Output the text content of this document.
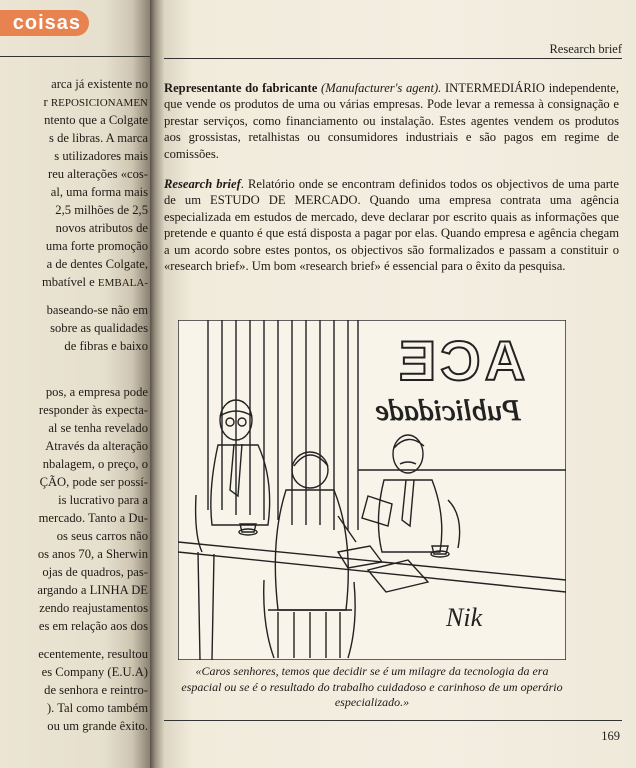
coisas
arca já existente no
r REPOSICIONAMEN
ntento que a Colgate
s de libras. A marca
s utilizadores mais
reu alterações «cos-
al, uma forma mais
2,5 milhões de 2,5
novos atributos de
uma forte promoção
a de dentes Colgate,
mbatível e EMBALA-
baseando-se não em
sobre as qualidades
de fibras e baixo
pos, a empresa pode
responder às expecta-
al se tenha revelado
Através da alteração
nbalagem, o preço, o
ÇÃO, pode ser possí-
is lucrativo para a
mercado. Tanto a Du-
os seus carros não
os anos 70, a Sherwin
ojas de quadros, pas-
argando a LINHA DE
zendo reajustamentos
es em relação aos dos
ecentemente, resultou
es Company (E.U.A)
de senhora e reintro-
). Tal como também
ou um grande êxito.
Research brief

Representante do fabricante (Manufacturer's agent). INTERMEDIÁRIO independente, que vende os produtos de uma ou várias empresas. Pode levar a remessa à consignação e prestar serviços, como financiamento ou instalação. Estes agentes vendem os produtos aos grossistas, retalhistas ou consumidores industriais e são pagos em regime de comissões.

Research brief. Relatório onde se encontram definidos todos os objectivos de uma parte de um ESTUDO DE MERCADO. Quando uma empresa contrata uma agência especializada em estudos de mercado, deve declarar por escrito quais as informações que pretende e quanto é que está disposta a pagar por elas. Quando empresa e agência chegam a um acordo sobre estes pontos, os objectivos são formalizados e passam a constituir o «research brief». Um bom «research brief» é essencial para o êxito da pesquisa.

ACE
Publicidade
Nik
«Caros senhores, temos que decidir se é um milagre da tecnologia da era espacial ou se é o resultado do trabalho cuidadoso e carinhoso de um operário especializado.»
169
